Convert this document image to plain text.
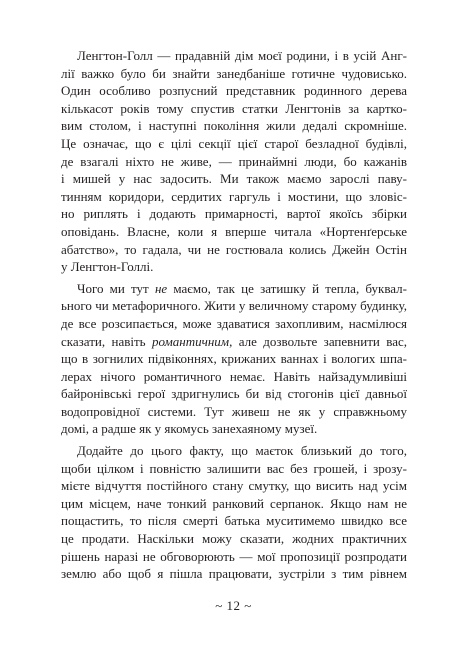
Ленгтон-Голл — прадавній дім моєї родини, і в усій Анг-
лії важко було би знайти занедбаніше готичне чудовисько.
Один особливо розпусний представник родинного дерева
кількасот років тому спустив статки Ленгтонів за картко-
вим столом, і наступні покоління жили дедалі скромніше.
Це означає, що є цілі секції цієї старої безладної будівлі,
де взагалі ніхто не живе, — принаймні люди, бо кажанів
і мишей у нас задосить. Ми також маємо зарослі паву-
тинням коридори, сердитих гаргуль і мостини, що зловіс-
но риплять і додають примарності, вартої якоїсь збірки
оповідань. Власне, коли я вперше читала «Нортенґерське
абатство», то гадала, чи не гостювала колись Джейн Остін
у Ленгтон-Голлі.

Чого ми тут не маємо, так це затишку й тепла, буквал-
ьного чи метафоричного. Жити у величному старому будинку,
де все розсипається, може здаватися захопливим, насмілюся
сказати, навіть романтичним, але дозвольте запевнити вас,
що в зогнилих підвіконнях, крижаних ваннах і вологих шпа-
лерах нічого романтичного немає. Навіть найзадумливіші
байронівські герої здригнулись би від стогонів цієї давньої
водопровідної системи. Тут живеш не як у справжньому
домі, а радше як у якомусь занехаяному музеї.

Додайте до цього факту, що маєток близький до того,
щоби цілком і повністю залишити вас без грошей, і зрозу-
мієте відчуття постійного стану смутку, що висить над усім
цим місцем, наче тонкий ранковий серпанок. Якщо нам не
пощастить, то після смерті батька муситимемо швидко все
це продати. Наскільки можу сказати, жодних практичних
рішень наразі не обговорюють — мої пропозиції розпродати
землю або щоб я пішла працювати, зустріли з тим рівнем

~ 12 ~
